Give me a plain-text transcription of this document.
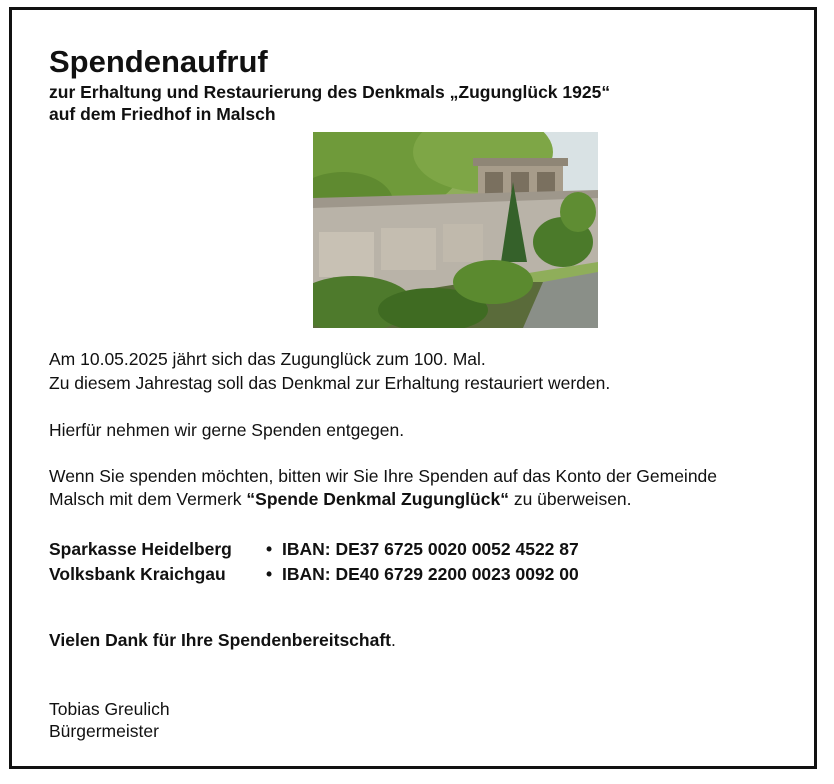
Spendenaufruf
zur Erhaltung und Restaurierung des Denkmals „Zugunglück 1925“
auf dem Friedhof in Malsch
Am 10.05.2025 jährt sich das Zugunglück zum 100. Mal.
Zu diesem Jahrestag soll das Denkmal zur Erhaltung restauriert werden.
Hierfür nehmen wir gerne Spenden entgegen.
Wenn Sie spenden möchten, bitten wir Sie Ihre Spenden auf das Konto der Gemeinde
Malsch mit dem Vermerk “Spende Denkmal Zugunglück“ zu überweisen.
Sparkasse Heidelberg • IBAN: DE37 6725 0020 0052 4522 87
Volksbank Kraichgau • IBAN: DE40 6729 2200 0023 0092 00
Vielen Dank für Ihre Spendenbereitschaft.
Tobias Greulich
Bürgermeister
